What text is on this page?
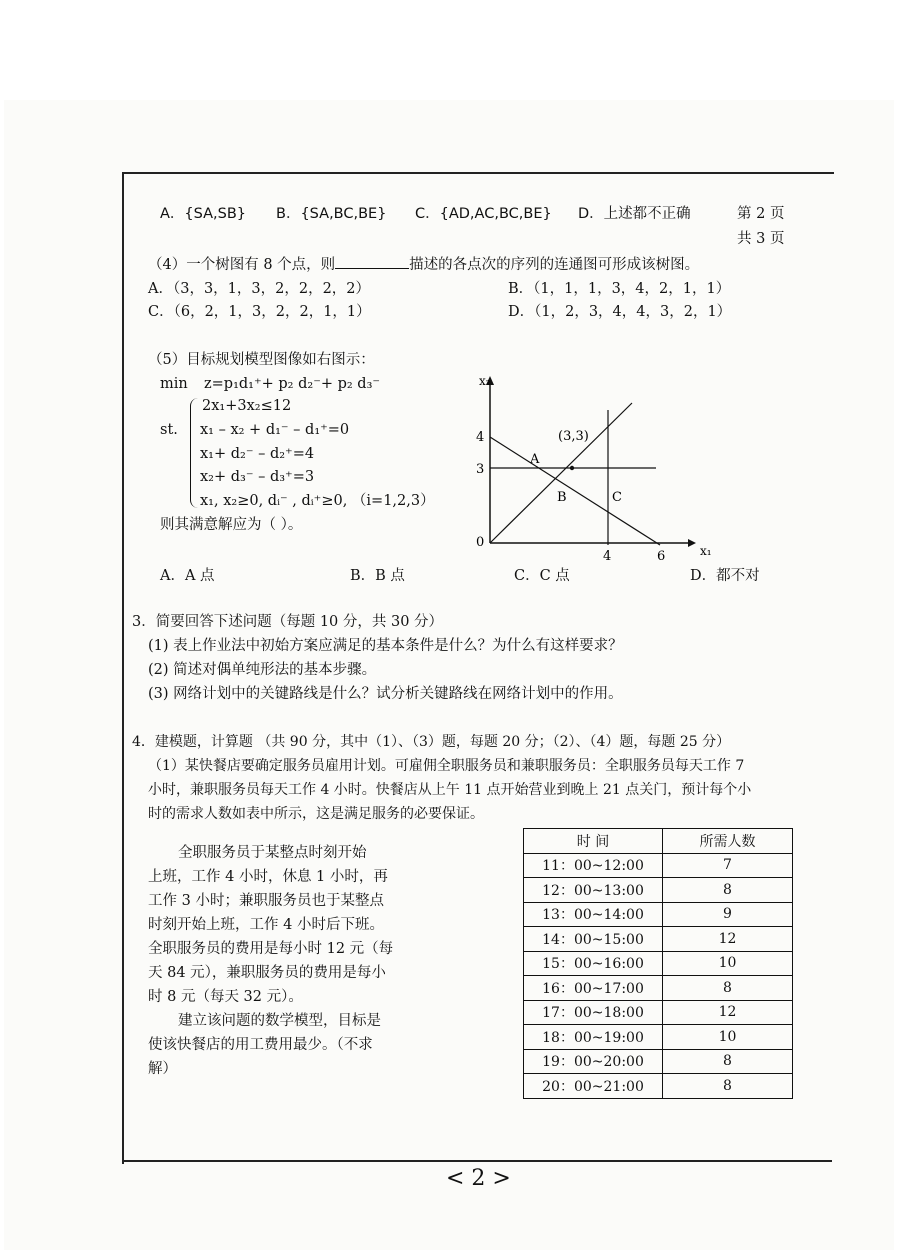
第 2 页
共 3 页
A．{SA,SB} B．{SA,BC,BE} C．{AD,AC,BC,BE} D．上述都不正确
（4）一个树图有 8 个点，则	描述的各点次的序列的连通图可形成该树图。
A．（3，3，1，3，2，2，2，2）	B．（1，1，1，3，4，2，1，1）
C．（6，2，1，3，2，2，1，1）	D．（1，2，3，4，4，3，2，1）
（5）目标规划模型图像如右图示：
min z=p₁d₁⁺+ p₂ d₂⁻+ p₂ d₃⁻
st.
2x₁+3x₂≤12
x₁ – x₂ + d₁⁻ – d₁⁺=0
x₁+ d₂⁻ – d₂⁺=4
x₂+ d₃⁻ – d₃⁺=3
x₁, x₂≥0, dᵢ⁻ , dᵢ⁺≥0, （i=1,2,3）
则其满意解应为（ ）。
x₂
x₁
0
4
3
4	6
(3,3)
A
B	C
A．A 点	B．B 点	C．C 点	D．都不对
3．简要回答下述问题（每题 10 分，共 30 分）
(1) 表上作业法中初始方案应满足的基本条件是什么？为什么有这样要求？
(2) 简述对偶单纯形法的基本步骤。
(3) 网络计划中的关键路线是什么？试分析关键路线在网络计划中的作用。
4．建模题，计算题 （共 90 分，其中（1）、（3）题，每题 20 分；（2）、（4）题，每题 25 分）
（1）某快餐店要确定服务员雇用计划。可雇佣全职服务员和兼职服务员：全职服务员每天工作 7
小时，兼职服务员每天工作 4 小时。快餐店从上午 11 点开始营业到晚上 21 点关门，预计每个小
时的需求人数如表中所示，这是满足服务的必要保证。
全职服务员于某整点时刻开始
上班，工作 4 小时，休息 1 小时，再
工作 3 小时；兼职服务员也于某整点
时刻开始上班，工作 4 小时后下班。
全职服务员的费用是每小时 12 元（每
天 84 元），兼职服务员的费用是每小
时 8 元（每天 32 元）。
建立该问题的数学模型，目标是
使该快餐店的用工费用最少。（不求
解）
时 间	所需人数
11：00~12:00	7
12：00~13:00	8
13：00~14:00	9
14：00~15:00	12
15：00~16:00	10
16：00~17:00	8
17：00~18:00	12
18：00~19:00	10
19：00~20:00	8
20：00~21:00	8
< 2 >
